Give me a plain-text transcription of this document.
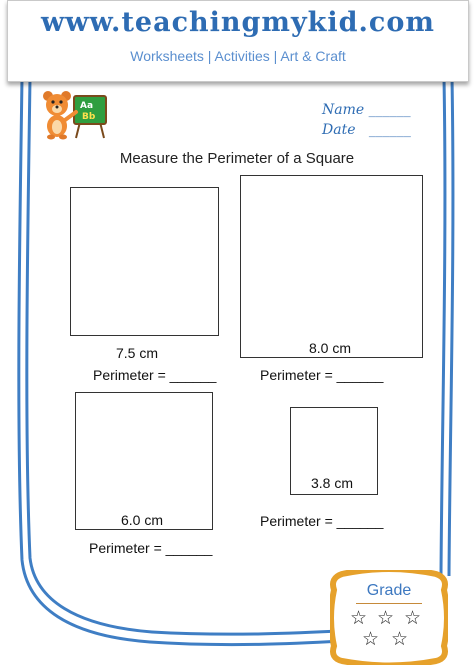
www.teachingmykid.com
Worksheets | Activities | Art & Craft
Aa
Bb	Name ______
Date ______
Measure the Perimeter of a Square
7.5 cm
Perimeter = ______
8.0 cm
Perimeter = ______
6.0 cm
Perimeter = ______
3.8 cm
Perimeter = ______
☆ ☆ ☆
☆ ☆
Grade
